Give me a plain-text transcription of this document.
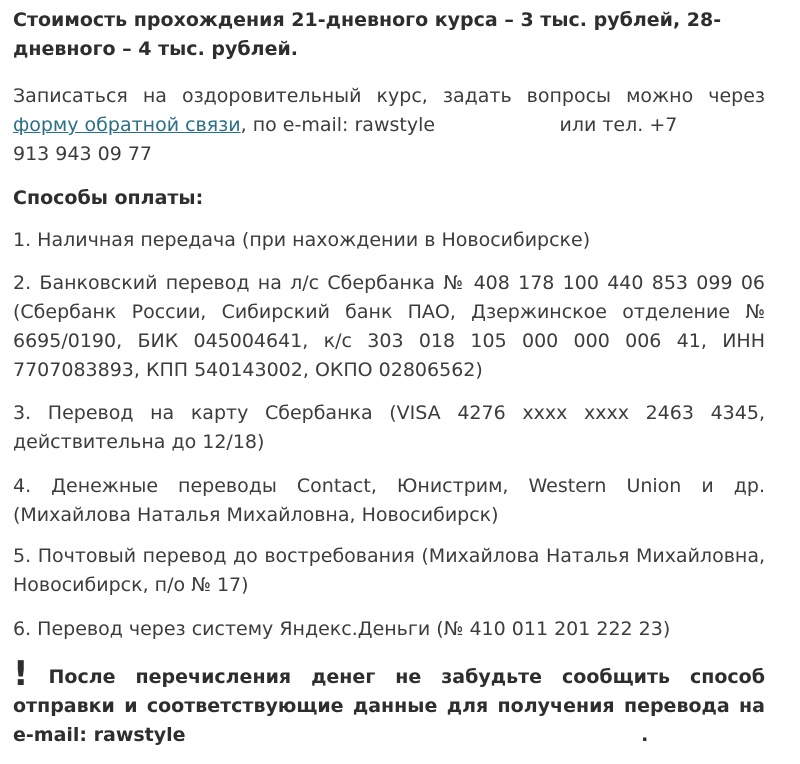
Стоимость прохождения 21-дневного курса – 3 тыс. рублей, 28-дневного – 4 тыс. рублей.
Записаться на оздоровительный курс, задать вопросы можно через форму обратной связи, по e-mail: rawstyle@gmail.com или тел. +7
913 943 09 77
Способы оплаты:
1. Наличная передача (при нахождении в Новосибирске)
2. Банковский перевод на л/с Сбербанка № 408 178 100 440 853 099 06 (Сбербанк России, Сибирский банк ПАО, Дзержинское отделение № 6695/0190, БИК 045004641, к/с 303 018 105 000 000 006 41, ИНН 7707083893, КПП 540143002, ОКПО 02806562)
3. Перевод на карту Сбербанка (VISA 4276 xxxx xxxx 2463 4345, действительна до 12/18)
4. Денежные переводы Contact, Юнистрим, Western Union и др. (Михайлова Наталья Михайловна, Новосибирск)
5. Почтовый перевод до востребования (Михайлова Наталья Михайловна, Новосибирск, п/о № 17)
6. Перевод через систему Яндекс.Деньги (№ 410 011 201 222 23)
! После перечисления денег не забудьте сообщить способ отправки и соответствующие данные для получения перевода на e-mail: rawstyle@gmail.com или по тел. +7 913 943 09 77.
